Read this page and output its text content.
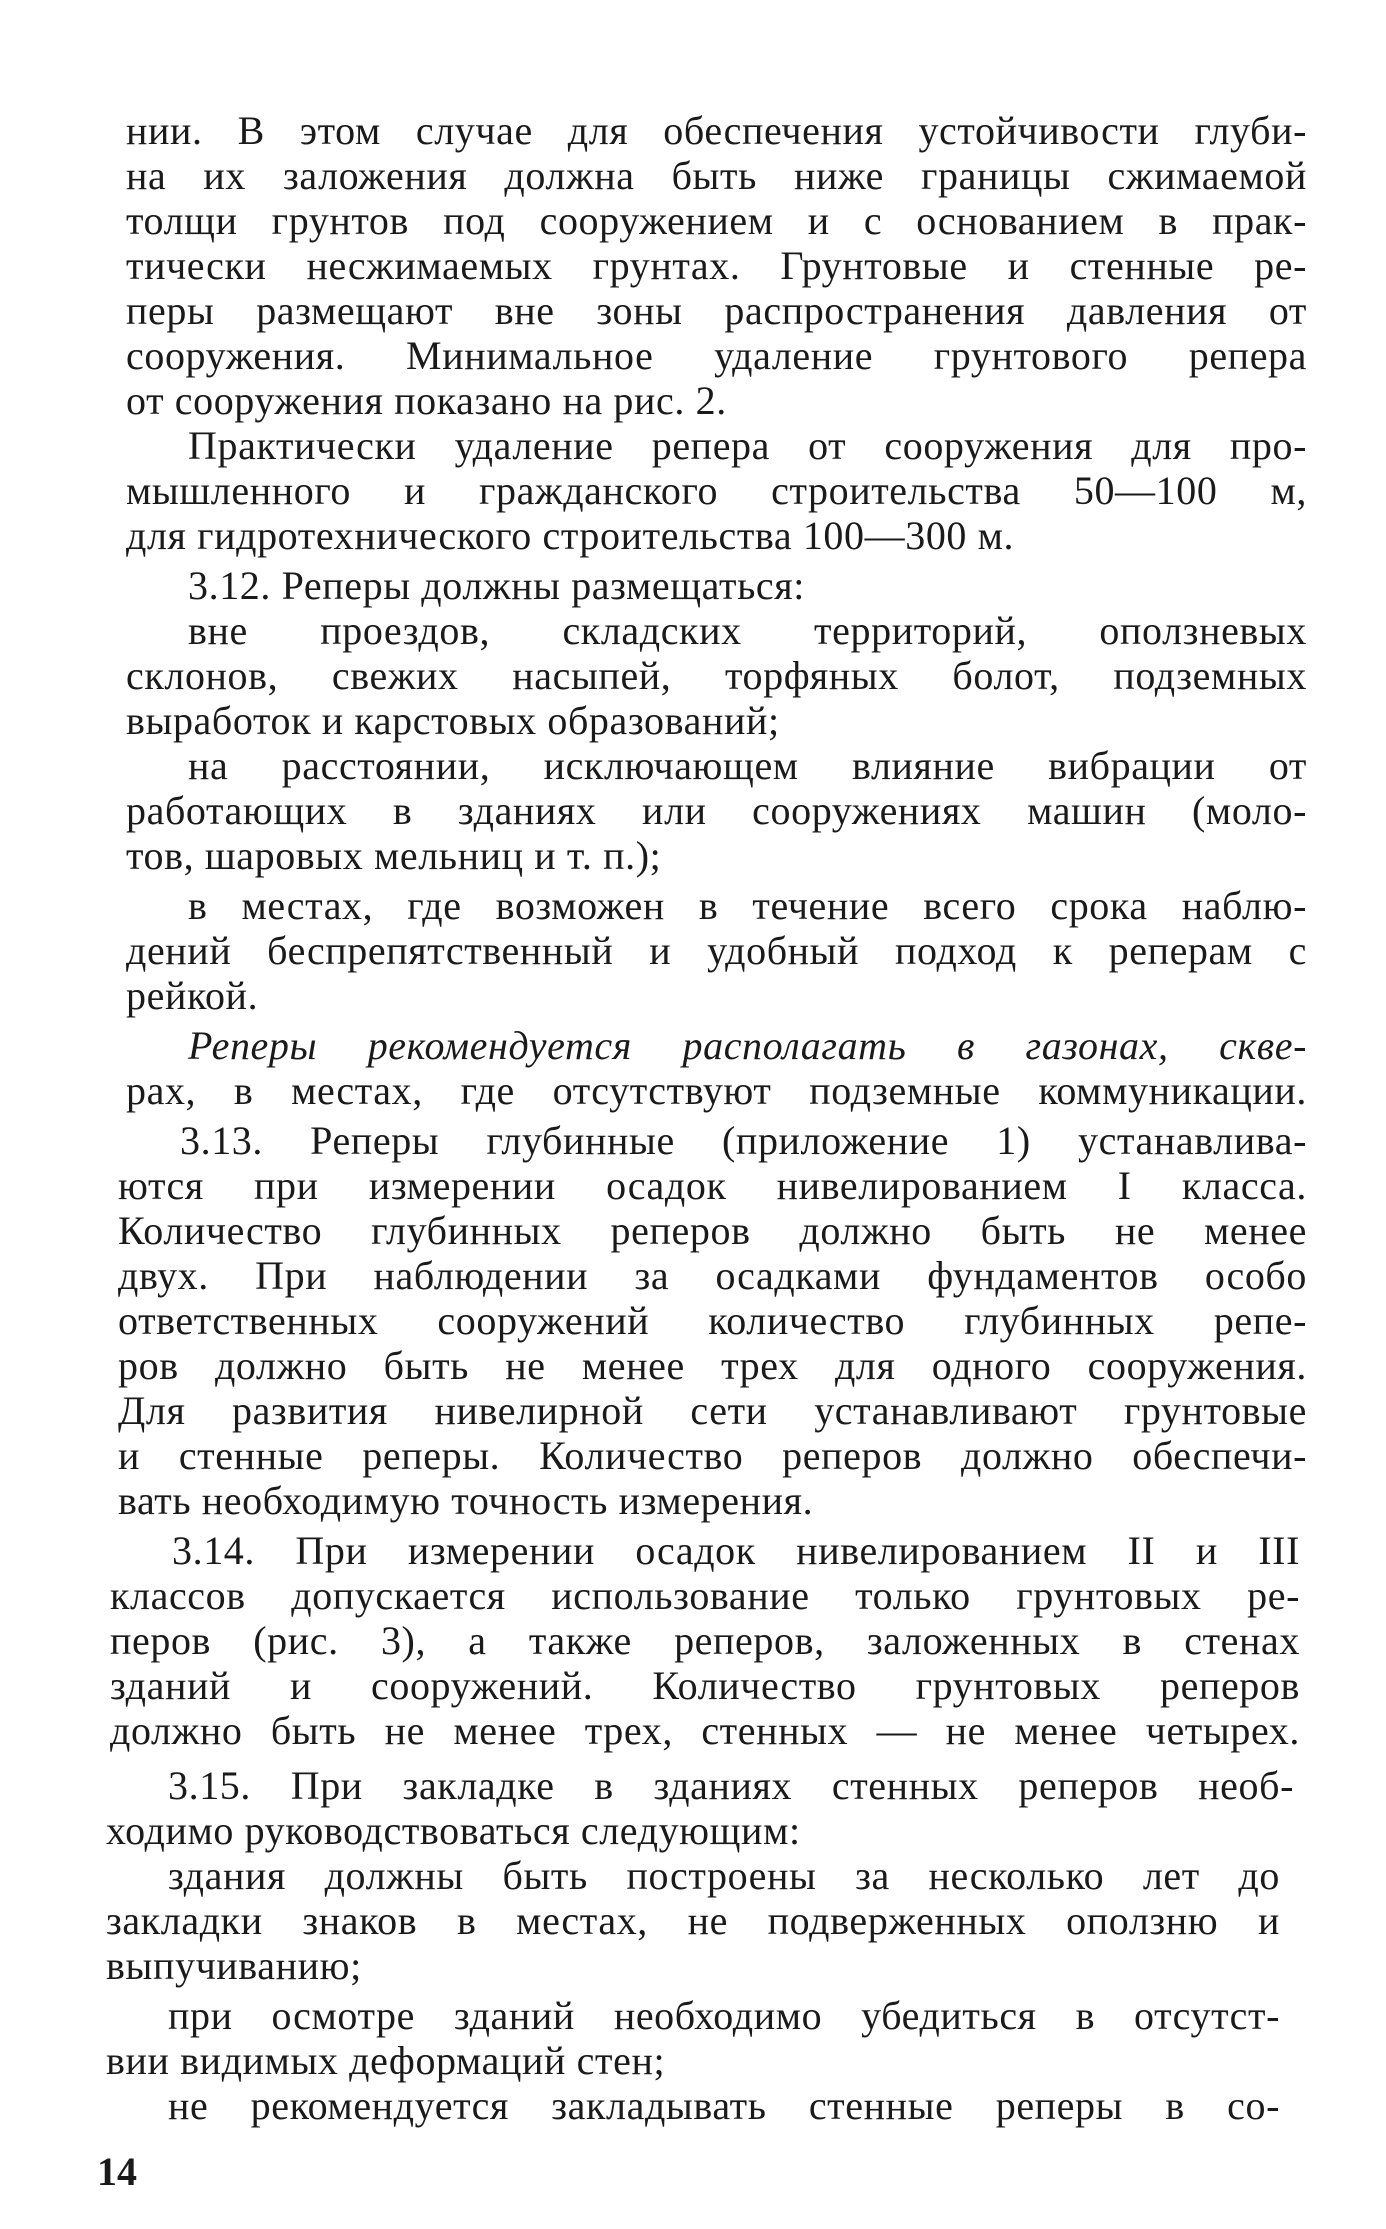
нии. В этом случае для обеспечения устойчивости глуби-
на их заложения должна быть ниже границы сжимаемой
толщи грунтов под сооружением и с основанием в прак-
тически несжимаемых грунтах. Грунтовые и стенные ре-
перы размещают вне зоны распространения давления от
сооружения. Минимальное удаление грунтового репера
от сооружения показано на рис. 2.
Практически удаление репера от сооружения для про-
мышленного и гражданского строительства 50—100 м,
для гидротехнического строительства 100—300 м.
3.12. Реперы должны размещаться:
вне проездов, складских территорий, оползневых
склонов, свежих насыпей, торфяных болот, подземных
выработок и карстовых образований;
на расстоянии, исключающем влияние вибрации от
работающих в зданиях или сооружениях машин (моло-
тов, шаровых мельниц и т. п.);
в местах, где возможен в течение всего срока наблю-
дений беспрепятственный и удобный подход к реперам с
рейкой.
Реперы рекомендуется располагать в газонах, скве-
рах, в местах, где отсутствуют подземные коммуникации.
3.13. Реперы глубинные (приложение 1) устанавлива-
ются при измерении осадок нивелированием I класса.
Количество глубинных реперов должно быть не менее
двух. При наблюдении за осадками фундаментов особо
ответственных сооружений количество глубинных репе-
ров должно быть не менее трех для одного сооружения.
Для развития нивелирной сети устанавливают грунтовые
и стенные реперы. Количество реперов должно обеспечи-
вать необходимую точность измерения.
3.14. При измерении осадок нивелированием II и III
классов допускается использование только грунтовых ре-
перов (рис. 3), а также реперов, заложенных в стенах
зданий и сооружений. Количество грунтовых реперов
должно быть не менее трех, стенных — не менее четырех.
3.15. При закладке в зданиях стенных реперов необ-
ходимо руководствоваться следующим:
здания должны быть построены за несколько лет до
закладки знаков в местах, не подверженных оползню и
выпучиванию;
при осмотре зданий необходимо убедиться в отсутст-
вии видимых деформаций стен;
не рекомендуется закладывать стенные реперы в со-
14
